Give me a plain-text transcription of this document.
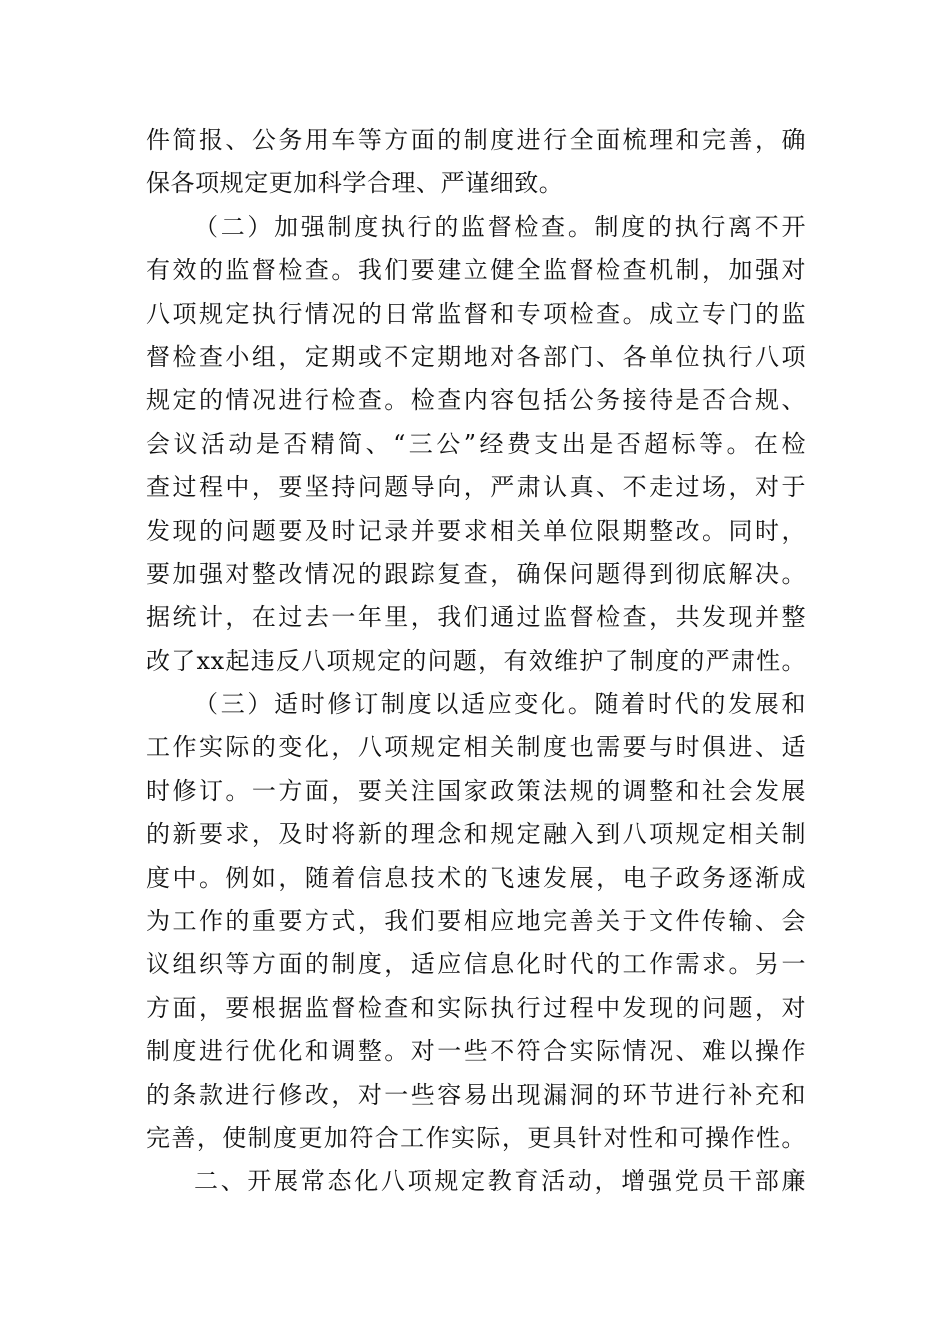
件简报、公务用车等方面的制度进行全面梳理和完善，确
保各项规定更加科学合理、严谨细致。
（二）加强制度执行的监督检查。制度的执行离不开
有效的监督检查。我们要建立健全监督检查机制，加强对
八项规定执行情况的日常监督和专项检查。成立专门的监
督检查小组，定期或不定期地对各部门、各单位执行八项
规定的情况进行检查。检查内容包括公务接待是否合规、
会议活动是否精简、“三公”经费支出是否超标等。在检
查过程中，要坚持问题导向，严肃认真、不走过场，对于
发现的问题要及时记录并要求相关单位限期整改。同时，
要加强对整改情况的跟踪复查，确保问题得到彻底解决。
据统计，在过去一年里，我们通过监督检查，共发现并整
改了xx起违反八项规定的问题，有效维护了制度的严肃性。
（三）适时修订制度以适应变化。随着时代的发展和
工作实际的变化，八项规定相关制度也需要与时俱进、适
时修订。一方面，要关注国家政策法规的调整和社会发展
的新要求，及时将新的理念和规定融入到八项规定相关制
度中。例如，随着信息技术的飞速发展，电子政务逐渐成
为工作的重要方式，我们要相应地完善关于文件传输、会
议组织等方面的制度，适应信息化时代的工作需求。另一
方面，要根据监督检查和实际执行过程中发现的问题，对
制度进行优化和调整。对一些不符合实际情况、难以操作
的条款进行修改，对一些容易出现漏洞的环节进行补充和
完善，使制度更加符合工作实际，更具针对性和可操作性。
二、开展常态化八项规定教育活动，增强党员干部廉
